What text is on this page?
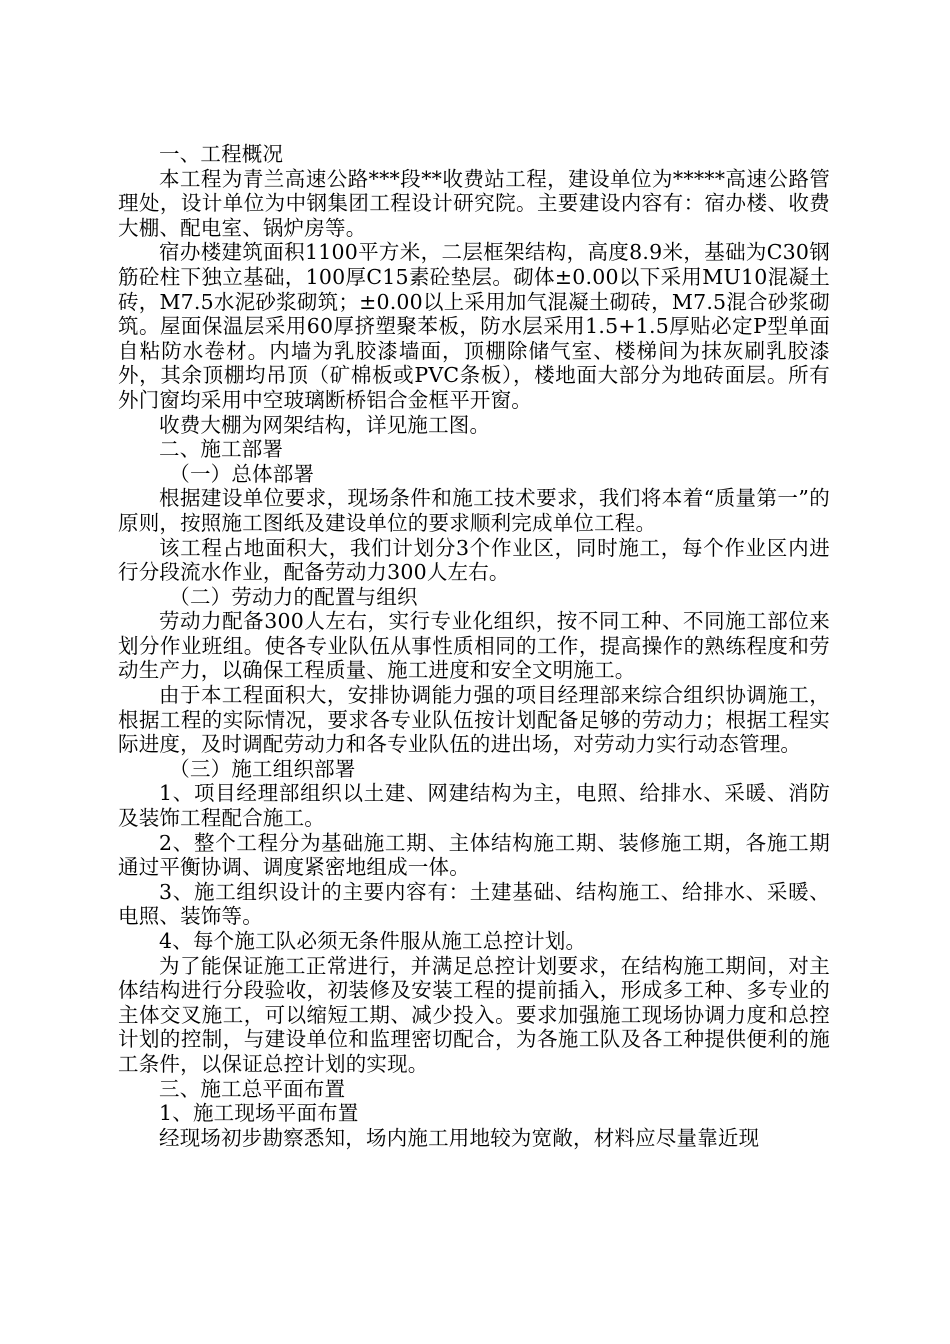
一、工程概况

本工程为青兰高速公路***段**收费站工程，建设单位为*****高速公路管理处，设计单位为中钢集团工程设计研究院。主要建设内容有：宿办楼、收费大棚、配电室、锅炉房等。

宿办楼建筑面积1100平方米，二层框架结构，高度8.9米，基础为C30钢筋砼柱下独立基础，100厚C15素砼垫层。砌体±0.00以下采用MU10混凝土砖，M7.5水泥砂浆砌筑；±0.00以上采用加气混凝土砌砖，M7.5混合砂浆砌筑。屋面保温层采用60厚挤塑聚苯板，防水层采用1.5+1.5厚贴必定P型单面自粘防水卷材。内墙为乳胶漆墙面，顶棚除储气室、楼梯间为抹灰刷乳胶漆外，其余顶棚均吊顶（矿棉板或PVC条板），楼地面大部分为地砖面层。所有外门窗均采用中空玻璃断桥铝合金框平开窗。

收费大棚为网架结构，详见施工图。

二、施工部署

（一）总体部署

根据建设单位要求，现场条件和施工技术要求，我们将本着“质量第一”的原则，按照施工图纸及建设单位的要求顺利完成单位工程。

该工程占地面积大，我们计划分3个作业区，同时施工，每个作业区内进行分段流水作业，配备劳动力300人左右。

（二）劳动力的配置与组织

劳动力配备300人左右，实行专业化组织，按不同工种、不同施工部位来划分作业班组。使各专业队伍从事性质相同的工作，提高操作的熟练程度和劳动生产力，以确保工程质量、施工进度和安全文明施工。

由于本工程面积大，安排协调能力强的项目经理部来综合组织协调施工，根据工程的实际情况，要求各专业队伍按计划配备足够的劳动力；根据工程实际进度，及时调配劳动力和各专业队伍的进出场，对劳动力实行动态管理。

（三）施工组织部署

1、项目经理部组织以土建、网建结构为主，电照、给排水、采暖、消防及装饰工程配合施工。

2、整个工程分为基础施工期、主体结构施工期、装修施工期，各施工期通过平衡协调、调度紧密地组成一体。

3、施工组织设计的主要内容有：土建基础、结构施工、给排水、采暖、电照、装饰等。

4、每个施工队必须无条件服从施工总控计划。

为了能保证施工正常进行，并满足总控计划要求，在结构施工期间，对主体结构进行分段验收，初装修及安装工程的提前插入，形成多工种、多专业的主体交叉施工，可以缩短工期、减少投入。要求加强施工现场协调力度和总控计划的控制，与建设单位和监理密切配合，为各施工队及各工种提供便利的施工条件，以保证总控计划的实现。

三、施工总平面布置

1、施工现场平面布置

经现场初步勘察悉知，场内施工用地较为宽敞，材料应尽量靠近现
